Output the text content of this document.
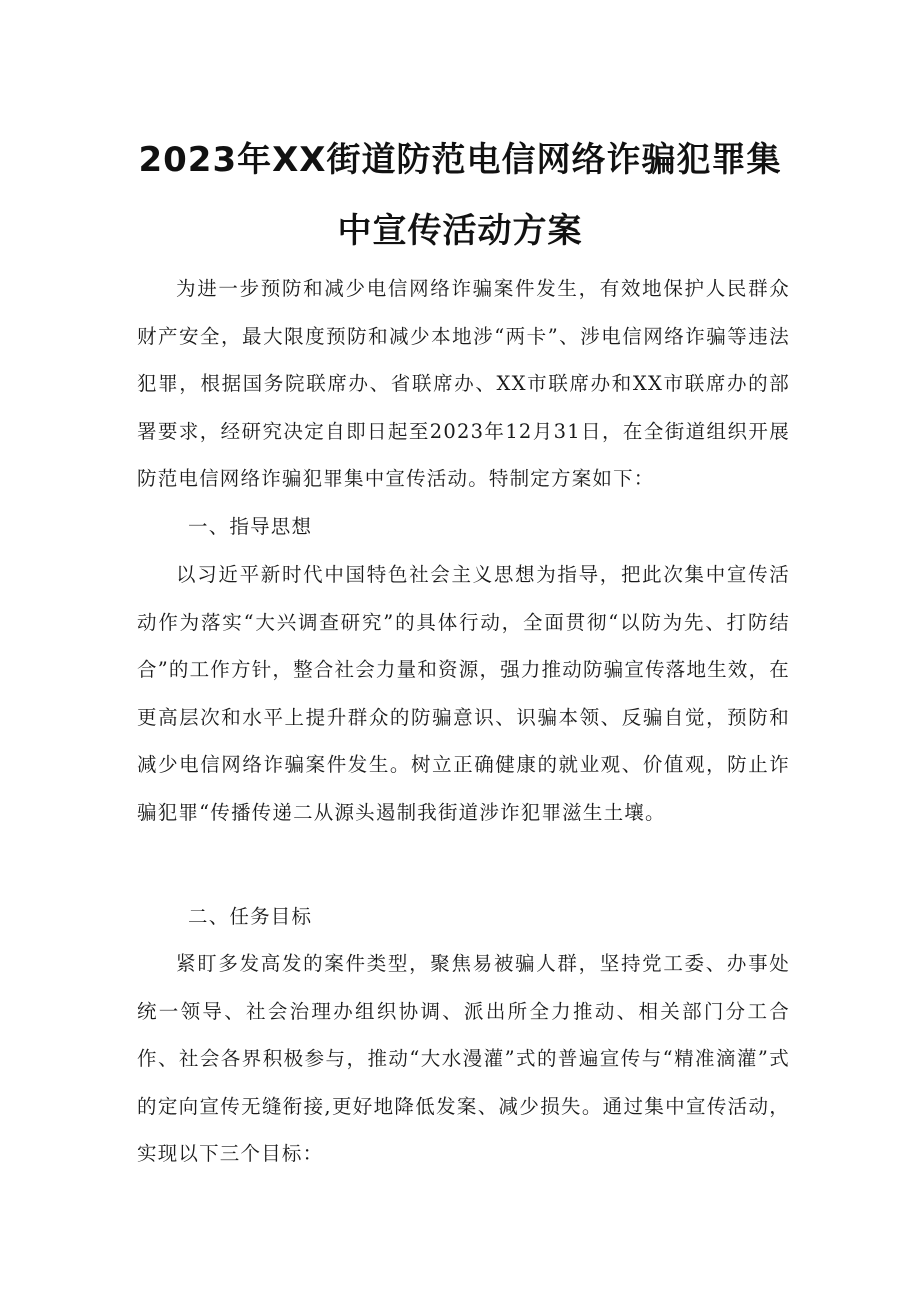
2023年XX街道防范电信网络诈骗犯罪集
中宣传活动方案

为进一步预防和减少电信网络诈骗案件发生，有效地保护人民群众财产安全，最大限度预防和减少本地涉“两卡”、涉电信网络诈骗等违法犯罪，根据国务院联席办、省联席办、XX市联席办和XX市联席办的部署要求，经研究决定自即日起至2023年12月31日，在全街道组织开展防范电信网络诈骗犯罪集中宣传活动。特制定方案如下：

一、指导思想

以习近平新时代中国特色社会主义思想为指导，把此次集中宣传活动作为落实“大兴调查研究”的具体行动，全面贯彻“以防为先、打防结合”的工作方针，整合社会力量和资源，强力推动防骗宣传落地生效，在更高层次和水平上提升群众的防骗意识、识骗本领、反骗自觉，预防和减少电信网络诈骗案件发生。树立正确健康的就业观、价值观，防止诈骗犯罪“传播传递二从源头遏制我街道涉诈犯罪滋生土壤。

二、任务目标

紧盯多发高发的案件类型，聚焦易被骗人群，坚持党工委、办事处统一领导、社会治理办组织协调、派出所全力推动、相关部门分工合作、社会各界积极参与，推动“大水漫灌”式的普遍宣传与“精准滴灌”式的定向宣传无缝衔接,更好地降低发案、减少损失。通过集中宣传活动，实现以下三个目标：
